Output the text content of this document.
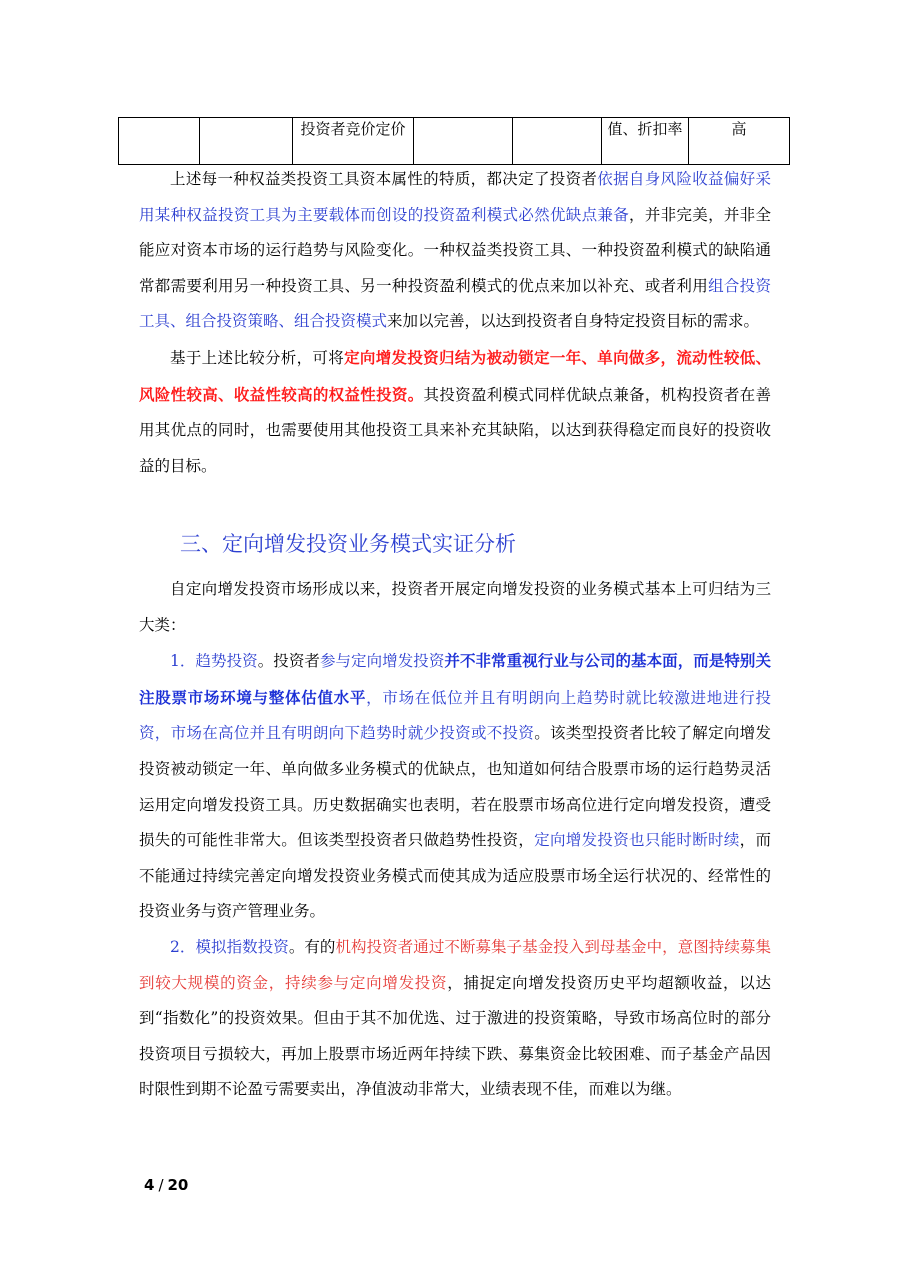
		投资者竞价定价			值、折扣率	高

上述每一种权益类投资工具资本属性的特质，都决定了投资者依据自身风险收益偏好采用某种权益投资工具为主要载体而创设的投资盈利模式必然优缺点兼备，并非完美，并非全能应对资本市场的运行趋势与风险变化。一种权益类投资工具、一种投资盈利模式的缺陷通常都需要利用另一种投资工具、另一种投资盈利模式的优点来加以补充、或者利用组合投资工具、组合投资策略、组合投资模式来加以完善，以达到投资者自身特定投资目标的需求。

基于上述比较分析，可将定向增发投资归结为被动锁定一年、单向做多，流动性较低、风险性较高、收益性较高的权益性投资。其投资盈利模式同样优缺点兼备，机构投资者在善用其优点的同时，也需要使用其他投资工具来补充其缺陷，以达到获得稳定而良好的投资收益的目标。

三、定向增发投资业务模式实证分析

自定向增发投资市场形成以来，投资者开展定向增发投资的业务模式基本上可归结为三大类：

1．趋势投资。投资者参与定向增发投资并不非常重视行业与公司的基本面，而是特别关注股票市场环境与整体估值水平，市场在低位并且有明朗向上趋势时就比较激进地进行投资，市场在高位并且有明朗向下趋势时就少投资或不投资。该类型投资者比较了解定向增发投资被动锁定一年、单向做多业务模式的优缺点，也知道如何结合股票市场的运行趋势灵活运用定向增发投资工具。历史数据确实也表明，若在股票市场高位进行定向增发投资，遭受损失的可能性非常大。但该类型投资者只做趋势性投资，定向增发投资也只能时断时续，而不能通过持续完善定向增发投资业务模式而使其成为适应股票市场全运行状况的、经常性的投资业务与资产管理业务。

2．模拟指数投资。有的机构投资者通过不断募集子基金投入到母基金中，意图持续募集到较大规模的资金，持续参与定向增发投资，捕捉定向增发投资历史平均超额收益，以达到“指数化”的投资效果。但由于其不加优选、过于激进的投资策略，导致市场高位时的部分投资项目亏损较大，再加上股票市场近两年持续下跌、募集资金比较困难、而子基金产品因时限性到期不论盈亏需要卖出，净值波动非常大，业绩表现不佳，而难以为继。

4 / 20
